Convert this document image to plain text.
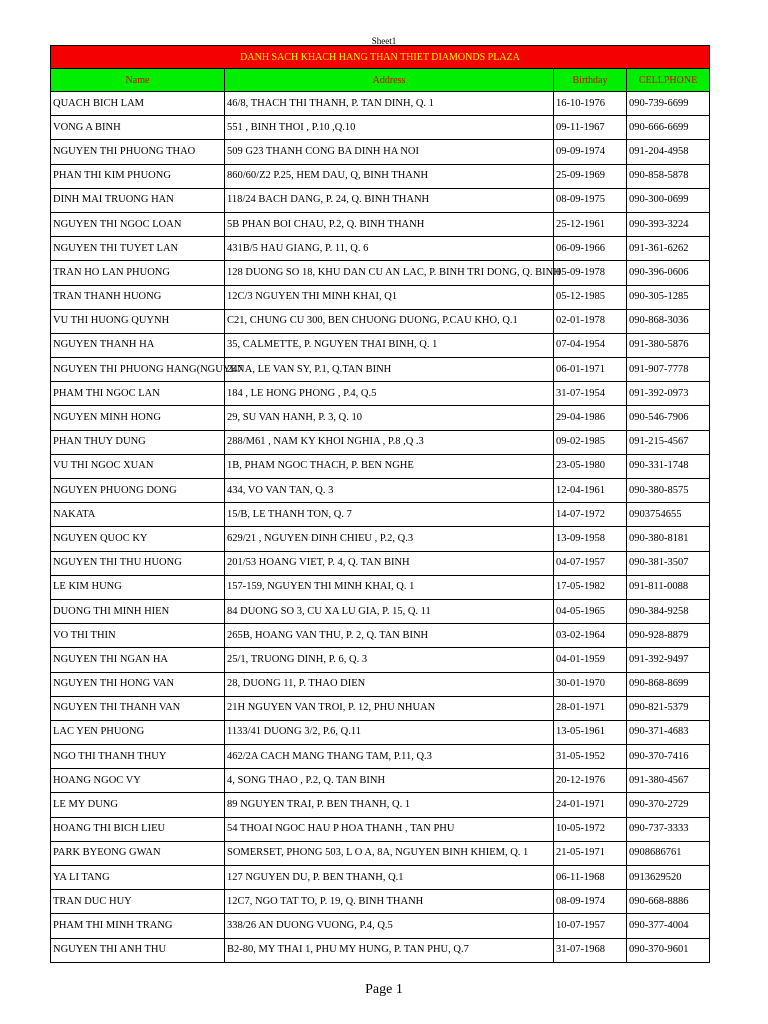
Sheet1
DANH SACH KHACH HANG THAN THIET DIAMONDS PLAZA			
Name	Address	Birthday	CELLPHONE
QUACH BICH LAM	46/8, THACH THI THANH, P. TAN DINH, Q. 1	16-10-1976	090-739-6699
VONG A BINH	551 , BINH THOI , P.10 ,Q.10	09-11-1967	090-666-6699
NGUYEN THI PHUONG THAO	509 G23 THANH CONG BA DINH HA NOI	09-09-1974	091-204-4958
PHAN THI KIM PHUONG	860/60/Z2 P.25, HEM DAU, Q, BINH THANH	25-09-1969	090-858-5878
DINH MAI TRUONG HAN	118/24 BACH DANG, P. 24, Q. BINH THANH	08-09-1975	090-300-0699
NGUYEN THI NGOC LOAN	5B PHAN BOI CHAU, P.2, Q. BINH THANH	25-12-1961	090-393-3224
NGUYEN THI TUYET LAN	431B/5 HAU GIANG, P. 11, Q. 6	06-09-1966	091-361-6262
TRAN HO LAN PHUONG	128 DUONG SO 18, KHU DAN CU AN LAC, P. BINH TRI DONG, Q. BINH	05-09-1978	090-396-0606
TRAN THANH HUONG	12C/3 NGUYEN THI MINH KHAI, Q1	05-12-1985	090-305-1285
VU THI HUONG QUYNH	C21, CHUNG CU 300, BEN CHUONG DUONG, P.CAU KHO, Q.1	02-01-1978	090-868-3036
NGUYEN THANH HA	35, CALMETTE, P. NGUYEN THAI BINH, Q. 1	07-04-1954	091-380-5876
NGUYEN THI PHUONG HANG(NGUYEN	247 A, LE VAN SY, P.1, Q.TAN BINH	06-01-1971	091-907-7778
PHAM THI NGOC LAN	184 , LE HONG PHONG , P.4, Q.5	31-07-1954	091-392-0973
NGUYEN MINH HONG	29, SU VAN HANH, P. 3, Q. 10	29-04-1986	090-546-7906
PHAN THUY DUNG	288/M61 , NAM KY KHOI NGHIA , P.8 ,Q .3	09-02-1985	091-215-4567
VU THI NGOC XUAN	1B, PHAM NGOC THACH, P. BEN NGHE	23-05-1980	090-331-1748
NGUYEN PHUONG DONG	434, VO VAN TAN, Q. 3	12-04-1961	090-380-8575
NAKATA	15/B, LE THANH TON, Q. 7	14-07-1972	0903754655
NGUYEN QUOC KY	629/21 , NGUYEN DINH CHIEU , P.2, Q.3	13-09-1958	090-380-8181
NGUYEN THI THU HUONG	201/53 HOANG VIET, P. 4, Q. TAN BINH	04-07-1957	090-381-3507
LE KIM HUNG	157-159, NGUYEN THI MINH KHAI, Q. 1	17-05-1982	091-811-0088
DUONG THI MINH HIEN	84 DUONG SO 3, CU XA LU GIA, P. 15, Q. 11	04-05-1965	090-384-9258
VO THI THIN	265B, HOANG VAN THU, P. 2, Q. TAN BINH	03-02-1964	090-928-8879
NGUYEN THI NGAN HA	25/1, TRUONG DINH, P. 6, Q. 3	04-01-1959	091-392-9497
NGUYEN THI HONG VAN	28, DUONG 11, P. THAO DIEN	30-01-1970	090-868-8699
NGUYEN THI THANH VAN	21H NGUYEN VAN TROI, P. 12, PHU NHUAN	28-01-1971	090-821-5379
LAC YEN PHUONG	1133/41 DUONG 3/2, P.6, Q.11	13-05-1961	090-371-4683
NGO THI THANH THUY	462/2A CACH MANG THANG TAM, P.11, Q.3	31-05-1952	090-370-7416
HOANG NGOC VY	4, SONG THAO , P.2, Q. TAN BINH	20-12-1976	091-380-4567
LE MY DUNG	89 NGUYEN TRAI, P. BEN THANH, Q. 1	24-01-1971	090-370-2729
HOANG THI BICH LIEU	54 THOAI NGOC HAU P HOA THANH , TAN PHU	10-05-1972	090-737-3333
PARK BYEONG GWAN	SOMERSET, PHONG 503, L O A, 8A, NGUYEN BINH KHIEM, Q. 1	21-05-1971	0908686761
YA LI TANG	127 NGUYEN DU, P. BEN THANH, Q.1	06-11-1968	0913629520
TRAN DUC HUY	12C7, NGO TAT TO, P. 19, Q. BINH THANH	08-09-1974	090-668-8886
PHAM THI MINH TRANG	338/26 AN DUONG VUONG, P.4, Q.5	10-07-1957	090-377-4004
NGUYEN THI ANH THU	B2-80, MY THAI 1, PHU MY HUNG, P. TAN PHU, Q.7	31-07-1968	090-370-9601
Page 1
